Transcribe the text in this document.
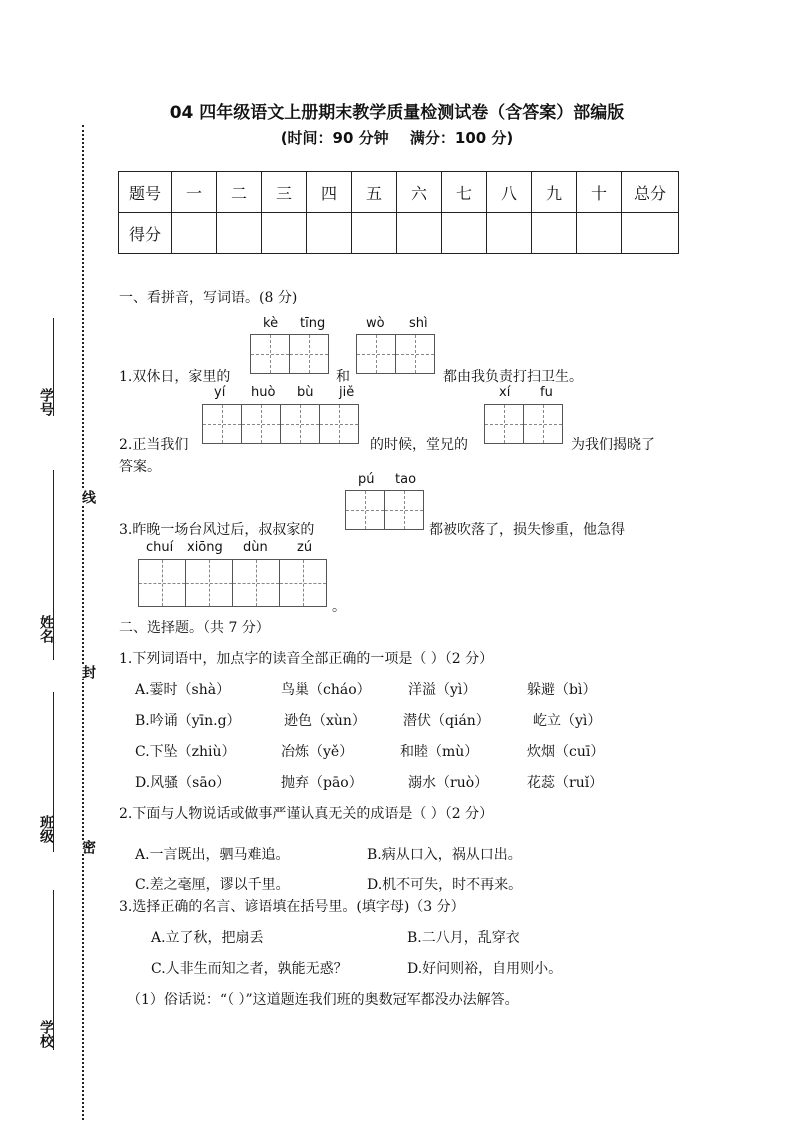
学号
姓名
班级
学校
线
封
密
04 四年级语文上册期末教学质量检测试卷（含答案）部编版
(时间：90 分钟 满分：100 分)
题号	一	二	三	四	五	六	七	八	九	十	总分
得分											
一、看拼音，写词语。(8 分)
kè tīng	wò shì
1.双休日，家里的	和	都由我负责打扫卫生。
yí huò bù jiě	xí fu
2.正当我们	的时候，堂兄的	为我们揭晓了
答案。
pú tao
3.昨晚一场台风过后，叔叔家的	都被吹落了，损失惨重，他急得
chuí xiōng dùn zú
。
二、选择题。（共 7 分）
1.下列词语中，加点字的读音全部正确的一项是（ ）（2 分）
A.霎时（shà）	鸟巢（cháo）	洋溢（yì）	躲避（bì）
B.吟诵（yīn.g）	逊色（xùn）	潜伏（qián）	屹立（yì）
C.下坠（zhiù）	冶炼（yě）	和睦（mù）	炊烟（cuī）
D.风骚（sāo）	抛弃（pāo）	溺水（ruò）	花蕊（ruǐ）
2.下面与人物说话或做事严谨认真无关的成语是（ ）（2 分）
A.一言既出，驷马难追。	B.病从口入，祸从口出。
C.差之毫厘，谬以千里。	D.机不可失，时不再来。
3.选择正确的名言、谚语填在括号里。(填字母)（3 分）
A.立了秋，把扇丢	B.二八月，乱穿衣
C.人非生而知之者，孰能无惑？	D.好问则裕，自用则小。
（1）俗话说：“（ ）”这道题连我们班的奥数冠军都没办法解答。
